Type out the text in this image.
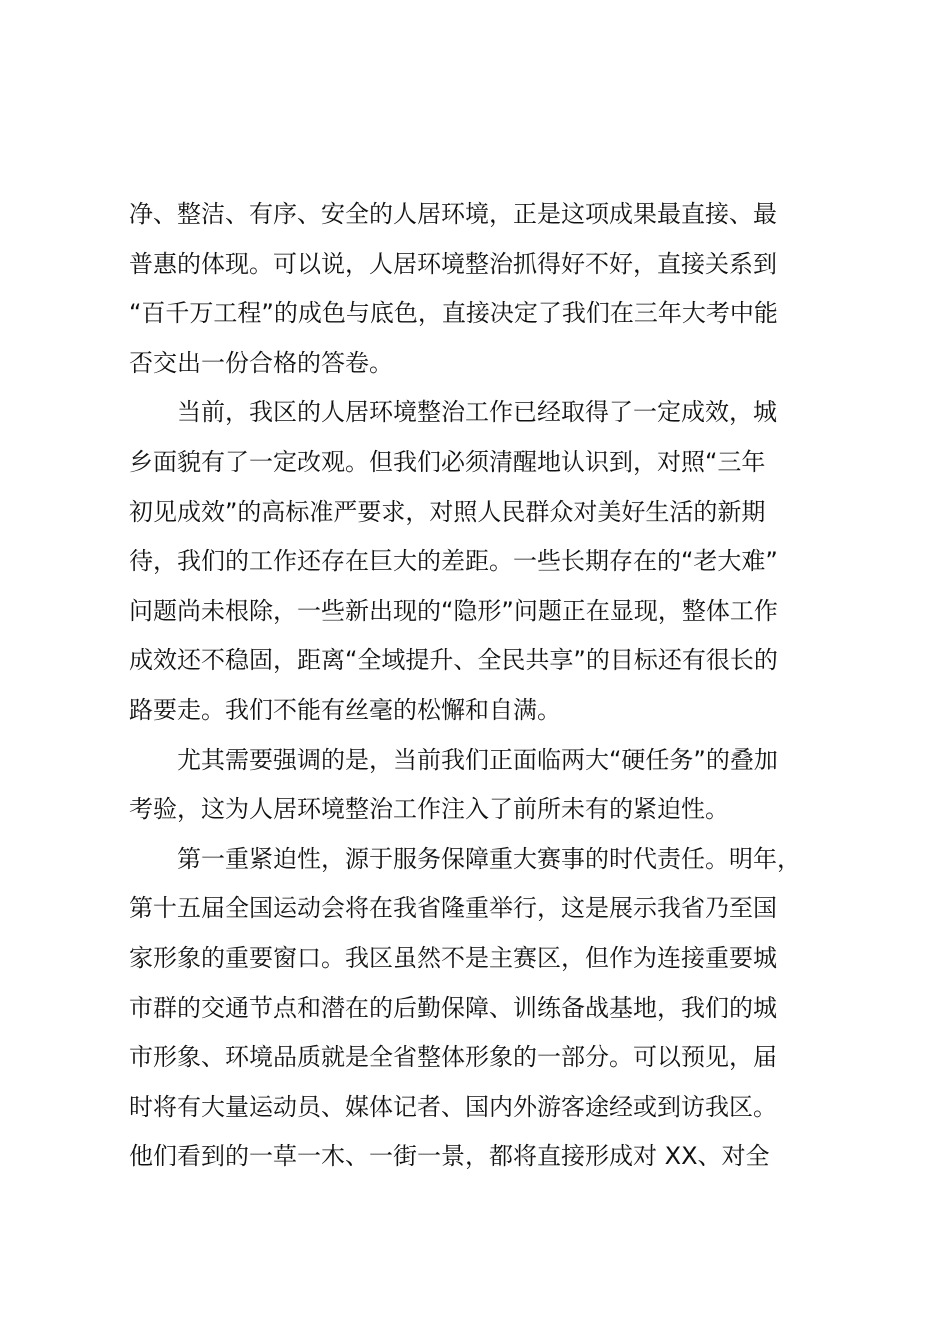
净、整洁、有序、安全的人居环境，正是这项成果最直接、最
普惠的体现。可以说，人居环境整治抓得好不好，直接关系到
“百千万工程”的成色与底色，直接决定了我们在三年大考中能
否交出一份合格的答卷。
当前，我区的人居环境整治工作已经取得了一定成效，城
乡面貌有了一定改观。但我们必须清醒地认识到，对照“三年
初见成效”的高标准严要求，对照人民群众对美好生活的新期
待，我们的工作还存在巨大的差距。一些长期存在的“老大难”
问题尚未根除，一些新出现的“隐形”问题正在显现，整体工作
成效还不稳固，距离“全域提升、全民共享”的目标还有很长的
路要走。我们不能有丝毫的松懈和自满。
尤其需要强调的是，当前我们正面临两大“硬任务”的叠加
考验，这为人居环境整治工作注入了前所未有的紧迫性。
第一重紧迫性，源于服务保障重大赛事的时代责任。明年，
第十五届全国运动会将在我省隆重举行，这是展示我省乃至国
家形象的重要窗口。我区虽然不是主赛区，但作为连接重要城
市群的交通节点和潜在的后勤保障、训练备战基地，我们的城
市形象、环境品质就是全省整体形象的一部分。可以预见，届
时将有大量运动员、媒体记者、国内外游客途经或到访我区。
他们看到的一草一木、一街一景，都将直接形成对 XX、对全
